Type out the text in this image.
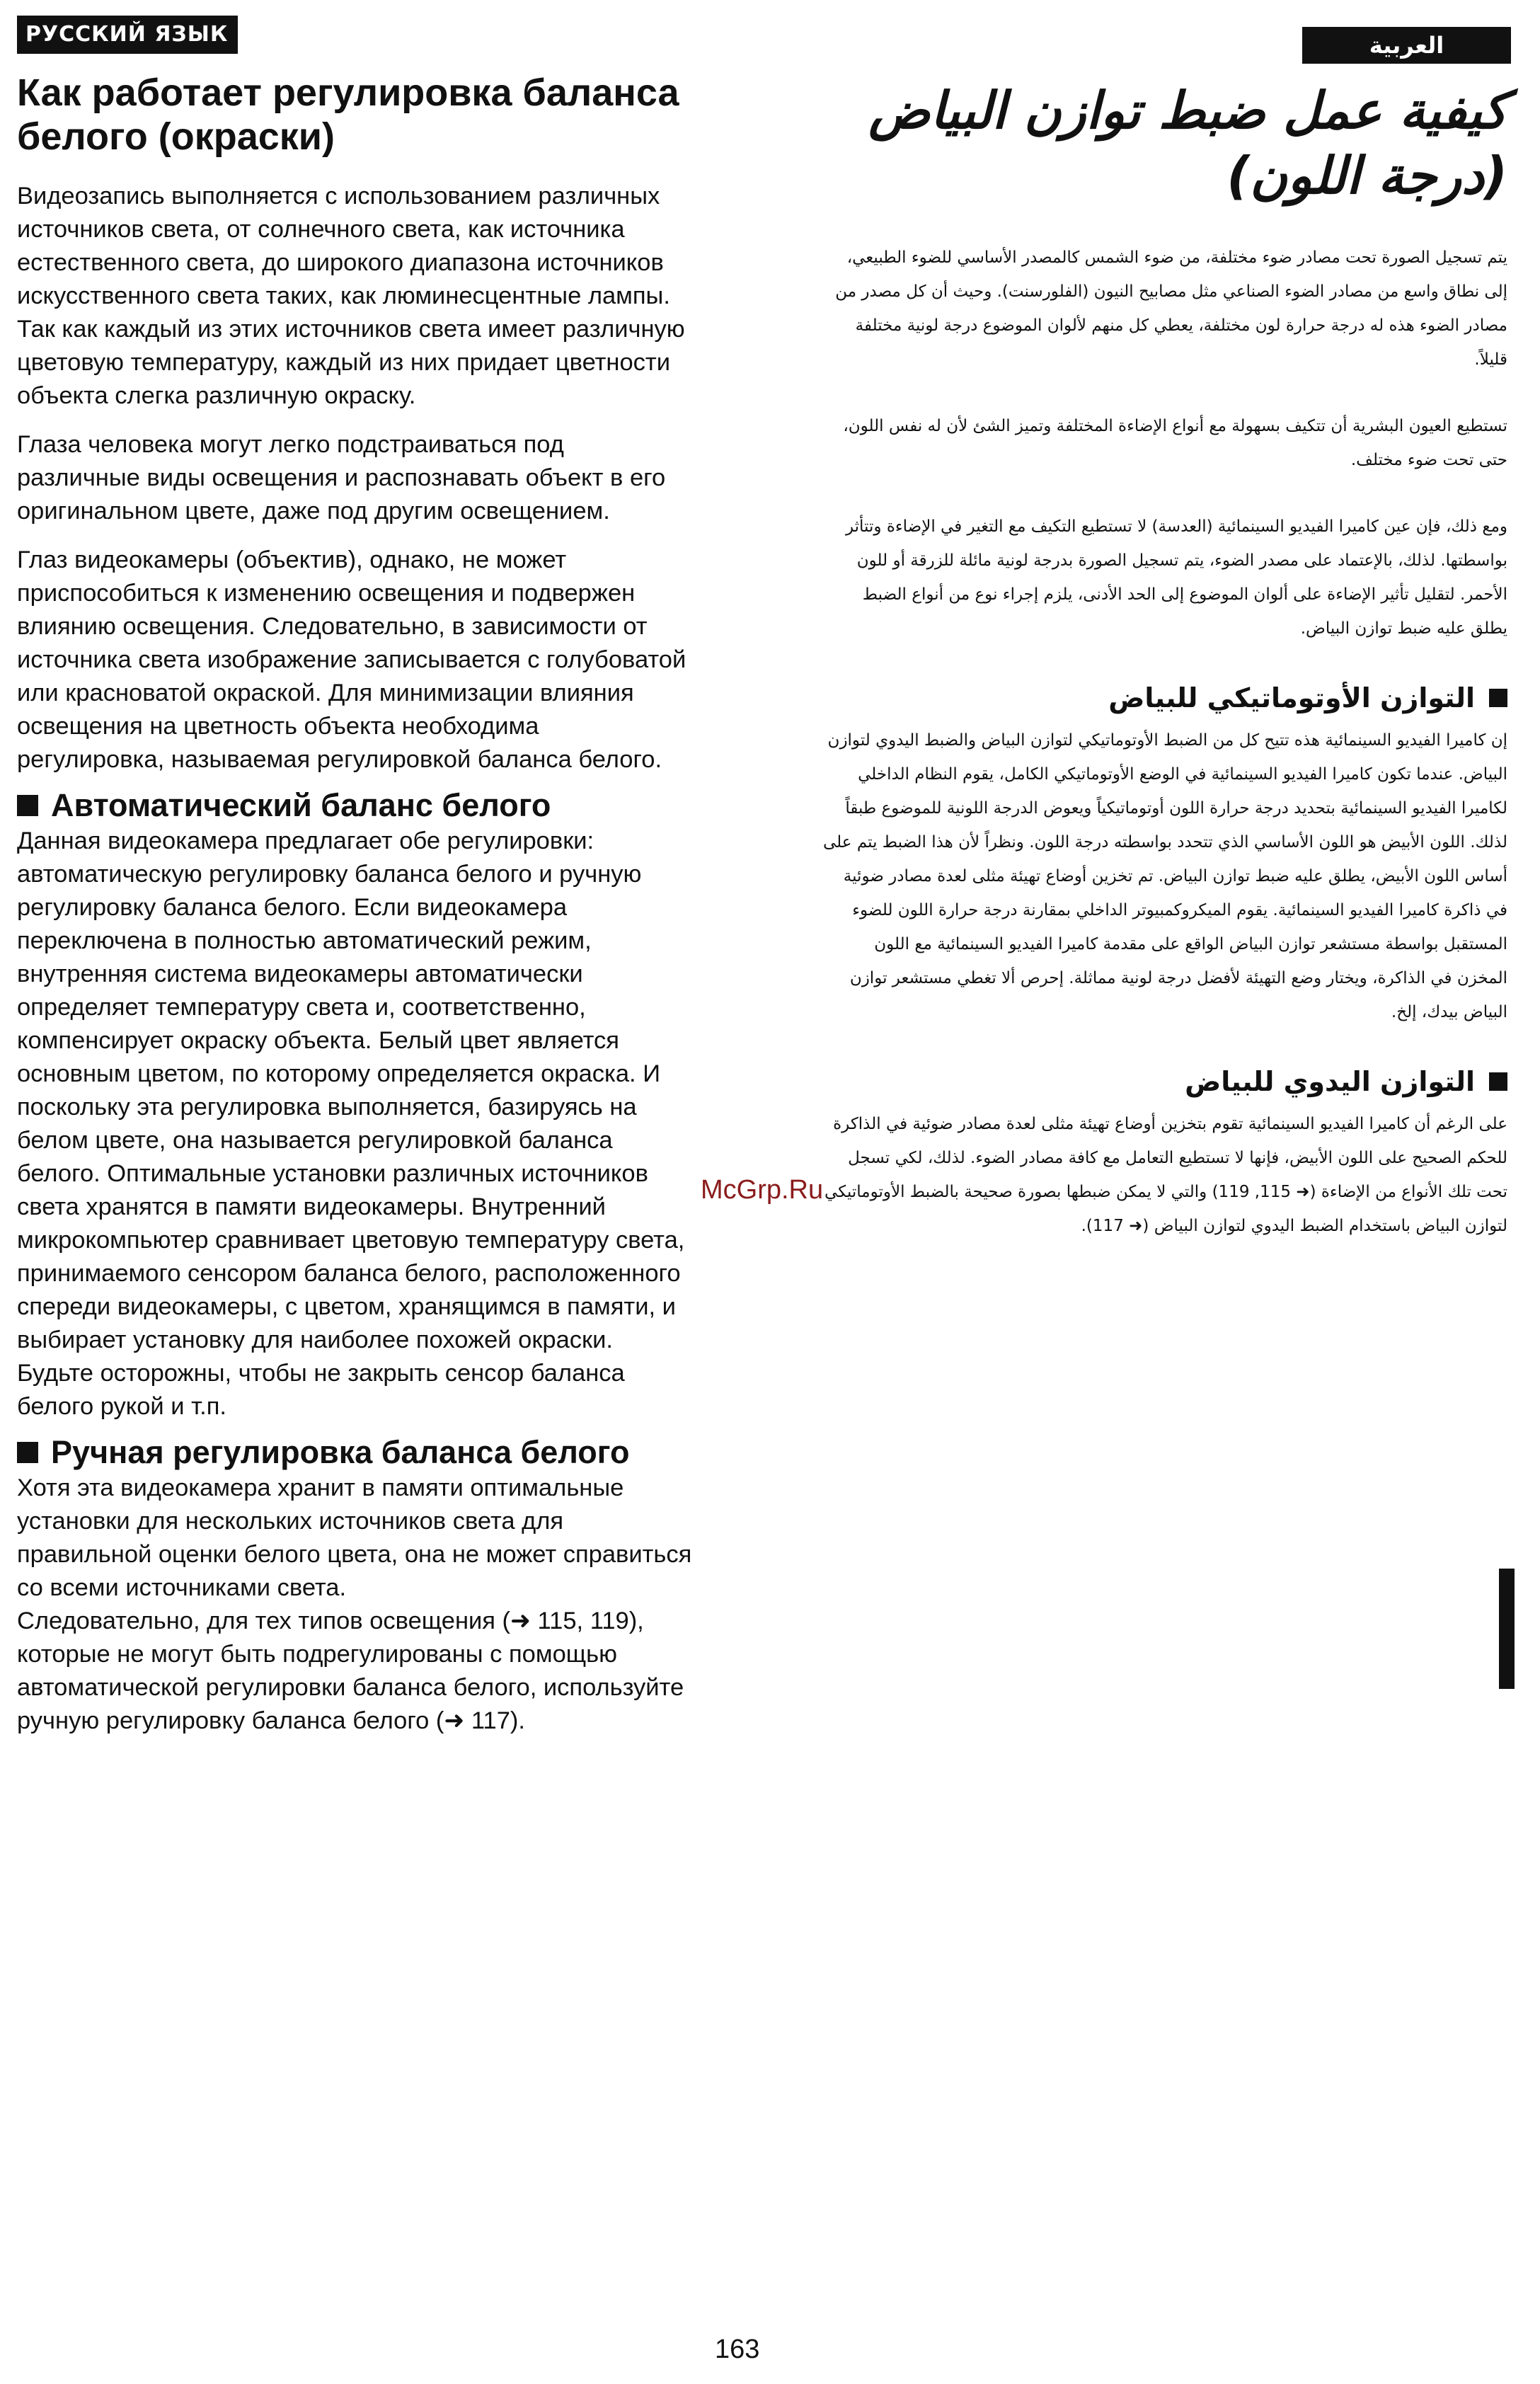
РУССКИЙ ЯЗЫК	العربية
Как работает регулировка баланса белого (окраски)

Видеозапись выполняется с использованием различных источников света, от солнечного света, как источника естественного света, до широкого диапазона источников искусственного света таких, как люминесцентные лампы. Так как каждый из этих источников света имеет различную цветовую температуру, каждый из них придает цветности объекта слегка различную окраску.

Глаза человека могут легко подстраиваться под различные виды освещения и распознавать объект в его оригинальном цвете, даже под другим освещением.

Глаз видеокамеры (объектив), однако, не может приспособиться к изменению освещения и подвержен влиянию освещения. Следовательно, в зависимости от источника света изображение записывается с голубоватой или красноватой окраской. Для минимизации влияния освещения на цветность объекта необходима регулировка, называемая регулировкой баланса белого.

Автоматический баланс белого

Данная видеокамера предлагает обе регулировки: автоматическую регулировку баланса белого и ручную регулировку баланса белого. Если видеокамера переключена в полностью автоматический режим, внутренняя система видеокамеры автоматически определяет температуру света и, соответственно, компенсирует окраску объекта. Белый цвет является основным цветом, по которому определяется окраска. И поскольку эта регулировка выполняется, базируясь на белом цвете, она называется регулировкой баланса белого. Оптимальные установки различных источников света хранятся в памяти видеокамеры. Внутренний микрокомпьютер сравнивает цветовую температуру света, принимаемого сенсором баланса белого, расположенного спереди видеокамеры, с цветом, хранящимся в памяти, и выбирает установку для наиболее похожей окраски. Будьте осторожны, чтобы не закрыть сенсор баланса белого рукой и т.п.

Ручная регулировка баланса белого

Хотя эта видеокамера хранит в памяти оптимальные установки для нескольких источников света для правильной оценки белого цвета, она не может справиться со всеми источниками света.

Следовательно, для тех типов освещения (➜ 115, 119), которые не могут быть подрегулированы с помощью автоматической регулировки баланса белого, используйте ручную регулировку баланса белого (➜ 117).

كيفية عمل ضبط توازن البياض (درجة اللون)

يتم تسجيل الصورة تحت مصادر ضوء مختلفة، من ضوء الشمس كالمصدر الأساسي للضوء الطبيعي، إلى نطاق واسع من مصادر الضوء الصناعي مثل مصابيح النيون (الفلورسنت). وحيث أن كل مصدر من مصادر الضوء هذه له درجة حرارة لون مختلفة، يعطي كل منهم لألوان الموضوع درجة لونية مختلفة قليلاً.

تستطيع العيون البشرية أن تتكيف بسهولة مع أنواع الإضاءة المختلفة وتميز الشئ لأن له نفس اللون، حتى تحت ضوء مختلف.

ومع ذلك، فإن عين كاميرا الفيديو السينمائية (العدسة) لا تستطيع التكيف مع التغير في الإضاءة وتتأثر بواسطتها. لذلك، بالإعتماد على مصدر الضوء، يتم تسجيل الصورة بدرجة لونية مائلة للزرقة أو للون الأحمر. لتقليل تأثير الإضاءة على ألوان الموضوع إلى الحد الأدنى، يلزم إجراء نوع من أنواع الضبط يطلق عليه ضبط توازن البياض.

التوازن الأوتوماتيكي للبياض

إن كاميرا الفيديو السينمائية هذه تتيح كل من الضبط الأوتوماتيكي لتوازن البياض والضبط اليدوي لتوازن البياض. عندما تكون كاميرا الفيديو السينمائية في الوضع الأوتوماتيكي الكامل، يقوم النظام الداخلي لكاميرا الفيديو السينمائية بتحديد درجة حرارة اللون أوتوماتيكياً ويعوض الدرجة اللونية للموضوع طبقاً لذلك. اللون الأبيض هو اللون الأساسي الذي تتحدد بواسطته درجة اللون. ونظراً لأن هذا الضبط يتم على أساس اللون الأبيض، يطلق عليه ضبط توازن البياض. تم تخزين أوضاع تهيئة مثلى لعدة مصادر ضوئية في ذاكرة كاميرا الفيديو السينمائية. يقوم الميكروكمبيوتر الداخلي بمقارنة درجة حرارة اللون للضوء المستقبل بواسطة مستشعر توازن البياض الواقع على مقدمة كاميرا الفيديو السينمائية مع اللون المخزن في الذاكرة، ويختار وضع التهيئة لأفضل درجة لونية مماثلة. إحرص ألا تغطي مستشعر توازن البياض بيدك، إلخ.

التوازن اليدوي للبياض

على الرغم أن كاميرا الفيديو السينمائية تقوم بتخزين أوضاع تهيئة مثلى لعدة مصادر ضوئية في الذاكرة للحكم الصحيح على اللون الأبيض، فإنها لا تستطيع التعامل مع كافة مصادر الضوء. لذلك، لكي تسجل تحت تلك الأنواع من الإضاءة (➜ 115, 119) والتي لا يمكن ضبطها بصورة صحيحة بالضبط الأوتوماتيكي لتوازن البياض باستخدام الضبط اليدوي لتوازن البياض (➜ 117).

McGrp.Ru
163
